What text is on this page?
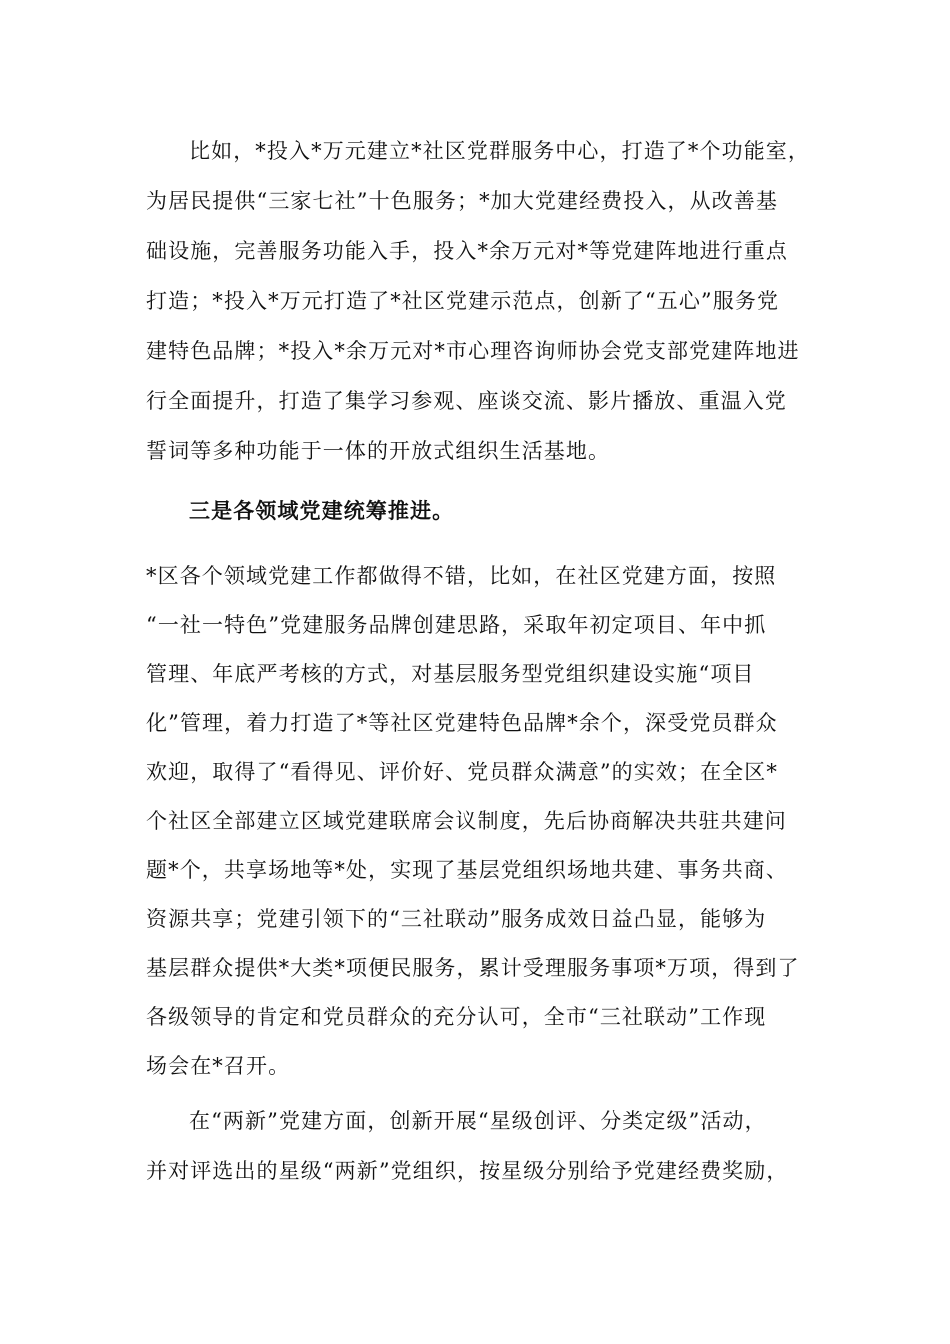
比如，*投入*万元建立*社区党群服务中心，打造了*个功能室，
为居民提供“三家七社”十色服务；*加大党建经费投入，从改善基
础设施，完善服务功能入手，投入*余万元对*等党建阵地进行重点
打造；*投入*万元打造了*社区党建示范点，创新了“五心”服务党
建特色品牌；*投入*余万元对*市心理咨询师协会党支部党建阵地进
行全面提升，打造了集学习参观、座谈交流、影片播放、重温入党
誓词等多种功能于一体的开放式组织生活基地。
三是各领域党建统筹推进。
*区各个领域党建工作都做得不错，比如，在社区党建方面，按照
“一社一特色”党建服务品牌创建思路，采取年初定项目、年中抓
管理、年底严考核的方式，对基层服务型党组织建设实施“项目
化”管理，着力打造了*等社区党建特色品牌*余个，深受党员群众
欢迎，取得了“看得见、评价好、党员群众满意”的实效；在全区*
个社区全部建立区域党建联席会议制度，先后协商解决共驻共建问
题*个，共享场地等*处，实现了基层党组织场地共建、事务共商、
资源共享；党建引领下的“三社联动”服务成效日益凸显，能够为
基层群众提供*大类*项便民服务，累计受理服务事项*万项，得到了
各级领导的肯定和党员群众的充分认可，全市“三社联动”工作现
场会在*召开。
在“两新”党建方面，创新开展“星级创评、分类定级”活动，
并对评选出的星级“两新”党组织，按星级分别给予党建经费奖励，
